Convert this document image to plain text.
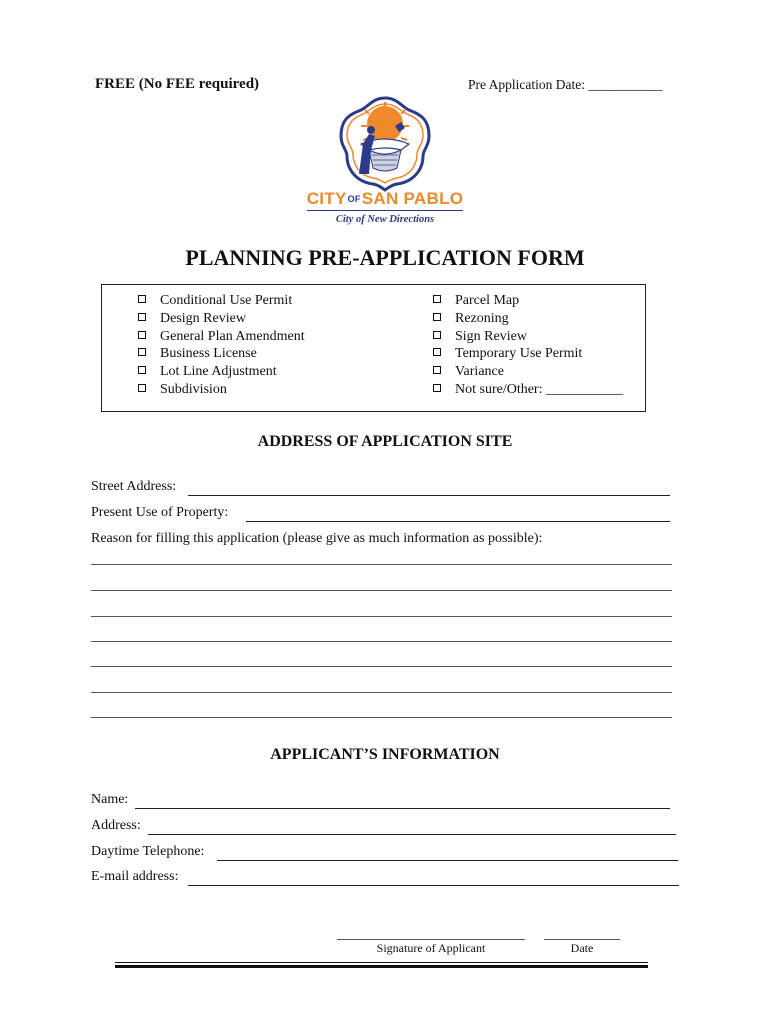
FREE (No FEE required)	Pre Application Date: ___________
CITYOFSAN PABLO
City of New Directions
PLANNING PRE-APPLICATION FORM
Conditional Use Permit
Design Review
General Plan Amendment
Business License
Lot Line Adjustment
Subdivision
Parcel Map
Rezoning
Sign Review
Temporary Use Permit
Variance
Not sure/Other: ___________
ADDRESS OF APPLICATION SITE
Street Address:
Present Use of Property:
Reason for filling this application (please give as much information as possible):
APPLICANT’S INFORMATION
Name:
Address:
Daytime Telephone:
E-mail address:
Signature of Applicant	Date
